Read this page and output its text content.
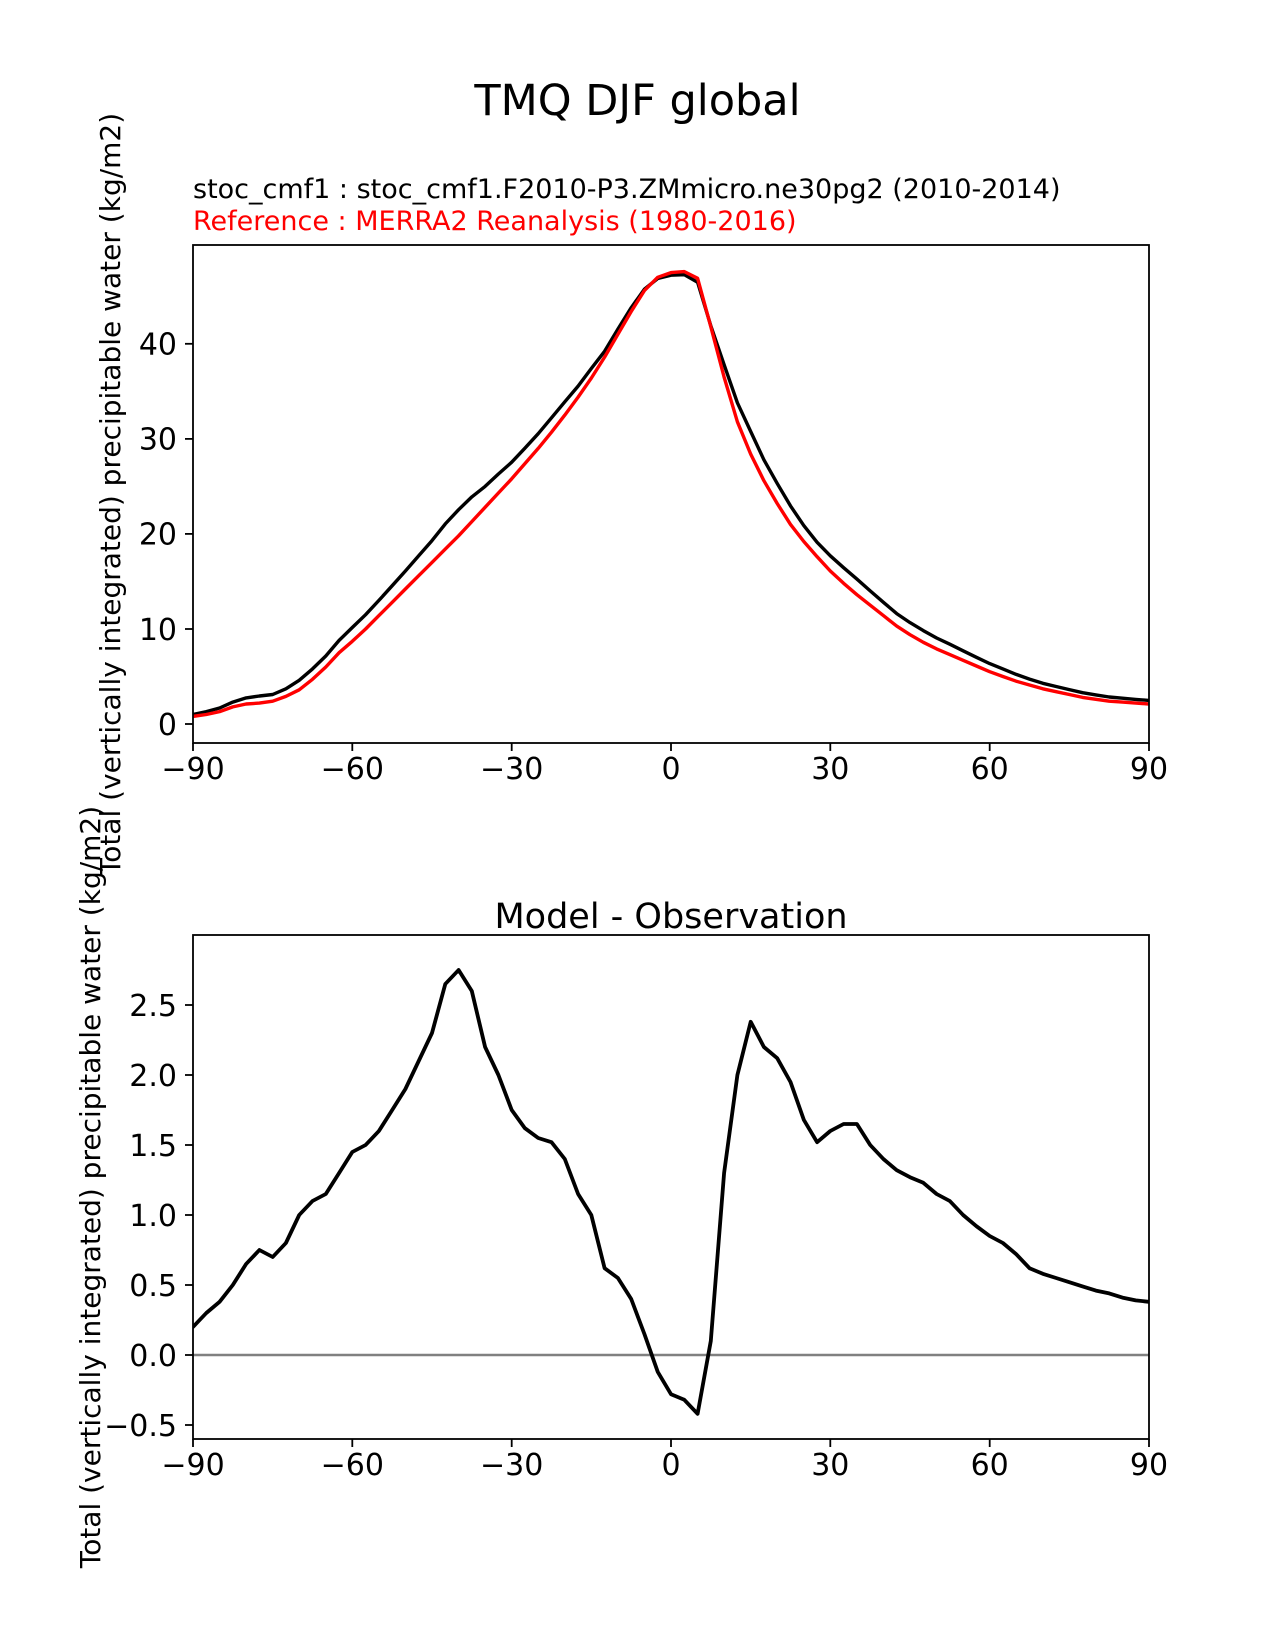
TMQ DJF global
stoc_cmf1 : stoc_cmf1.F2010-P3.ZMmicro.ne30pg2 (2010-2014)
Reference : MERRA2 Reanalysis (1980-2016)
Total (vertically integrated) precipitable water (kg/m2)
Total (vertically integrated) precipitable water (kg/m2)	Model - Observation
−90	−60	−30	0	30	60	90
0
10
20
30
40
−90	−60	−30	0	30	60	90
−0.5
0.0
0.5
1.0
1.5
2.0
2.5
